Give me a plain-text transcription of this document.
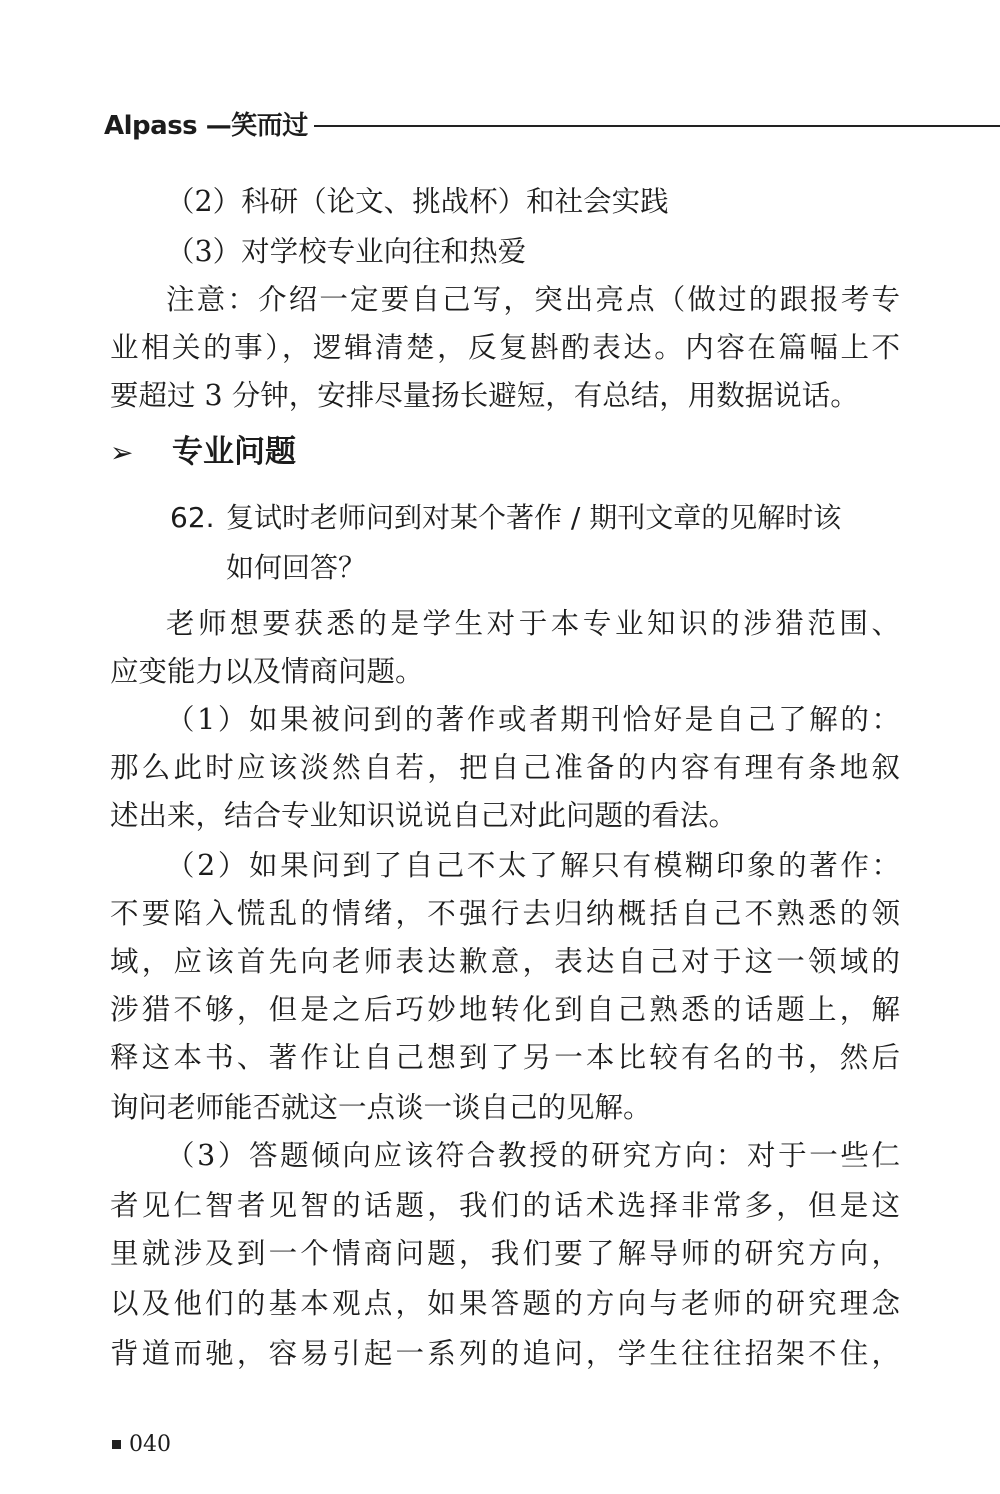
Alpass —笑而过
（2）科研（论文、挑战杯）和社会实践
（3）对学校专业向往和热爱
注意：介绍一定要自己写，突出亮点（做过的跟报考专
业相关的事），逻辑清楚，反复斟酌表达。内容在篇幅上不
要超过 3 分钟，安排尽量扬长避短，有总结，用数据说话。
➢ 专业问题
62. 复试时老师问到对某个著作 / 期刊文章的见解时该
如何回答？
老师想要获悉的是学生对于本专业知识的涉猎范围、
应变能力以及情商问题。
（1）如果被问到的著作或者期刊恰好是自己了解的：
那么此时应该淡然自若，把自己准备的内容有理有条地叙
述出来，结合专业知识说说自己对此问题的看法。
（2）如果问到了自己不太了解只有模糊印象的著作：
不要陷入慌乱的情绪，不强行去归纳概括自己不熟悉的领
域，应该首先向老师表达歉意，表达自己对于这一领域的
涉猎不够，但是之后巧妙地转化到自己熟悉的话题上，解
释这本书、著作让自己想到了另一本比较有名的书，然后
询问老师能否就这一点谈一谈自己的见解。
（3）答题倾向应该符合教授的研究方向：对于一些仁
者见仁智者见智的话题，我们的话术选择非常多，但是这
里就涉及到一个情商问题，我们要了解导师的研究方向，
以及他们的基本观点，如果答题的方向与老师的研究理念
背道而驰，容易引起一系列的追问，学生往往招架不住，
040
